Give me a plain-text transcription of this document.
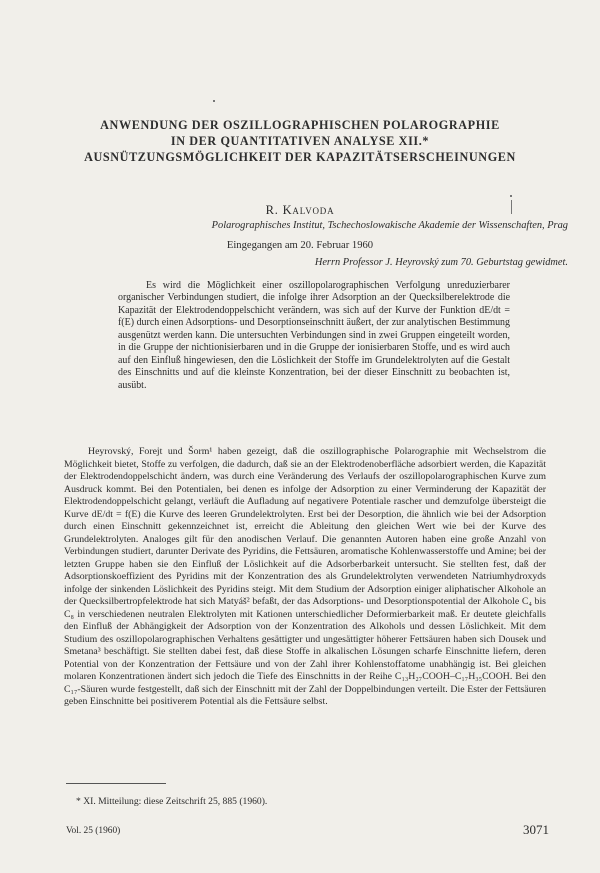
ANWENDUNG DER OSZILLOGRAPHISCHEN POLAROGRAPHIE
IN DER QUANTITATIVEN ANALYSE XII.*
AUSNÜTZUNGSMÖGLICHKEIT DER KAPAZITÄTSERSCHEINUNGEN
R. Kalvoda
Polarographisches Institut, Tschechoslowakische Akademie der Wissenschaften, Prag
Eingegangen am 20. Februar 1960
Herrn Professor J. Heyrovský zum 70. Geburtstag gewidmet.

Es wird die Möglichkeit einer oszillopolarographischen Verfolgung unreduzierbarer organischer Verbindungen studiert, die infolge ihrer Adsorption an der Quecksilberelektrode die Kapazität der Elektrodendoppelschicht verändern, was sich auf der Kurve der Funktion dE/dt = f(E) durch einen Adsorptions- und Desorptionseinschnitt äußert, der zur analytischen Bestimmung ausgenützt werden kann. Die untersuchten Verbindungen sind in zwei Gruppen eingeteilt worden, in die Gruppe der nichtionisierbaren und in die Gruppe der ionisierbaren Stoffe, und es wird auch auf den Einfluß hingewiesen, den die Löslichkeit der Stoffe im Grundelektrolyten auf die Gestalt des Einschnitts und auf die kleinste Konzentration, bei der dieser Einschnitt zu beobachten ist, ausübt.

Heyrovský, Forejt und Šorm¹ haben gezeigt, daß die oszillographische Polarographie mit Wechselstrom die Möglichkeit bietet, Stoffe zu verfolgen, die dadurch, daß sie an der Elektrodenoberfläche adsorbiert werden, die Kapazität der Elektrodendoppelschicht ändern, was durch eine Veränderung des Verlaufs der oszillopolarographischen Kurve zum Ausdruck kommt. Bei den Potentialen, bei denen es infolge der Adsorption zu einer Verminderung der Kapazität der Elektrodendoppelschicht gelangt, verläuft die Aufladung auf negativere Potentiale rascher und demzufolge übersteigt die Kurve dE/dt = f(E) die Kurve des leeren Grundelektrolyten. Erst bei der Desorption, die ähnlich wie bei der Adsorption durch einen Einschnitt gekennzeichnet ist, erreicht die Ableitung den gleichen Wert wie bei der Kurve des Grundelektrolyten. Analoges gilt für den anodischen Verlauf. Die genannten Autoren haben eine große Anzahl von Verbindungen studiert, darunter Derivate des Pyridins, die Fettsäuren, aromatische Kohlenwasserstoffe und Amine; bei der letzten Gruppe haben sie den Einfluß der Löslichkeit auf die Adsorberbarkeit untersucht. Sie stellten fest, daß der Adsorptionskoeffizient des Pyridins mit der Konzentration des als Grundelektrolyten verwendeten Natriumhydroxyds infolge der sinkenden Löslichkeit des Pyridins steigt. Mit dem Studium der Adsorption einiger aliphatischer Alkohole an der Quecksilbertropfelektrode hat sich Matyáš² befaßt, der das Adsorptions- und Desorptionspotential der Alkohole C₄ bis C₈ in verschiedenen neutralen Elektrolyten mit Kationen unterschiedlicher Deformierbarkeit maß. Er deutete gleichfalls den Einfluß der Abhängigkeit der Adsorption von der Konzentration des Alkohols und dessen Löslichkeit. Mit dem Studium des oszillopolarographischen Verhaltens gesättigter und ungesättigter höherer Fettsäuren haben sich Dousek und Smetana³ beschäftigt. Sie stellten dabei fest, daß diese Stoffe in alkalischen Lösungen scharfe Einschnitte liefern, deren Potential von der Konzentration der Fettsäure und von der Zahl ihrer Kohlenstoffatome unabhängig ist. Bei gleichen molaren Konzentrationen ändert sich jedoch die Tiefe des Einschnitts in der Reihe C₁₃H₂₇COOH–C₁₇H₃₅COOH. Bei den C₁₇-Säuren wurde festgestellt, daß sich der Einschnitt mit der Zahl der Doppelbindungen verteilt. Die Ester der Fettsäuren geben Einschnitte bei positiverem Potential als die Fettsäure selbst.

* XI. Mitteilung: diese Zeitschrift 25, 885 (1960).
Vol. 25 (1960)	3071
